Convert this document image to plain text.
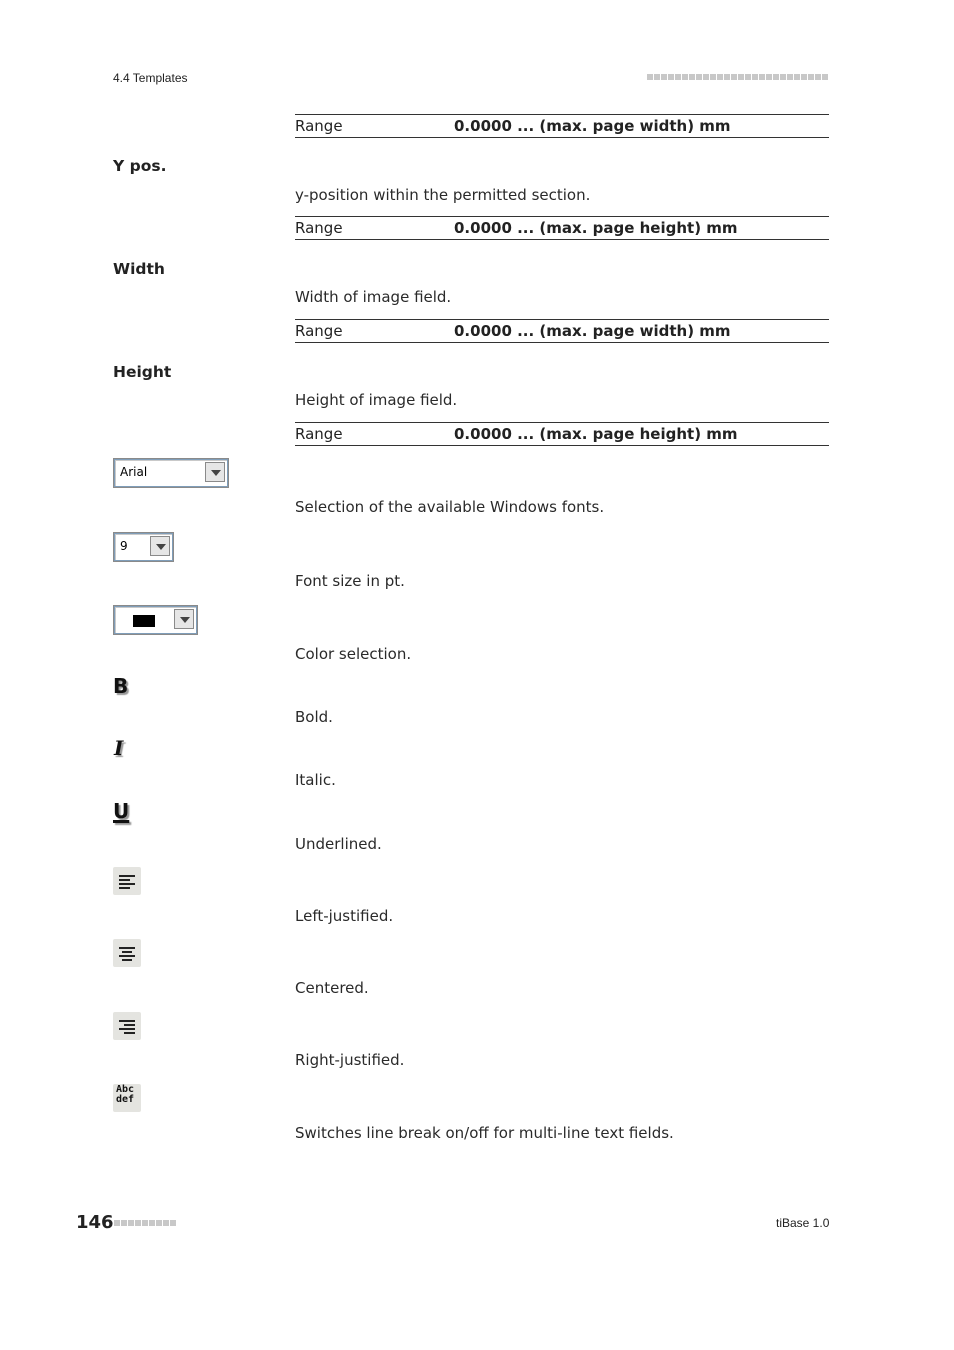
4.4 Templates
Range	0.0000 ... (max. page width) mm
Y pos.
y-position within the permitted section.
Range	0.0000 ... (max. page height) mm
Width
Width of image field.
Range	0.0000 ... (max. page width) mm
Height
Height of image field.
Range	0.0000 ... (max. page height) mm
Arial
Selection of the available Windows fonts.
9
Font size in pt.
Color selection.
B
Bold.
I
Italic.
U
Underlined.
Left-justified.
Centered.
Right-justified.
Abc
def
Switches line break on/off for multi-line text fields.
146	tiBase 1.0
